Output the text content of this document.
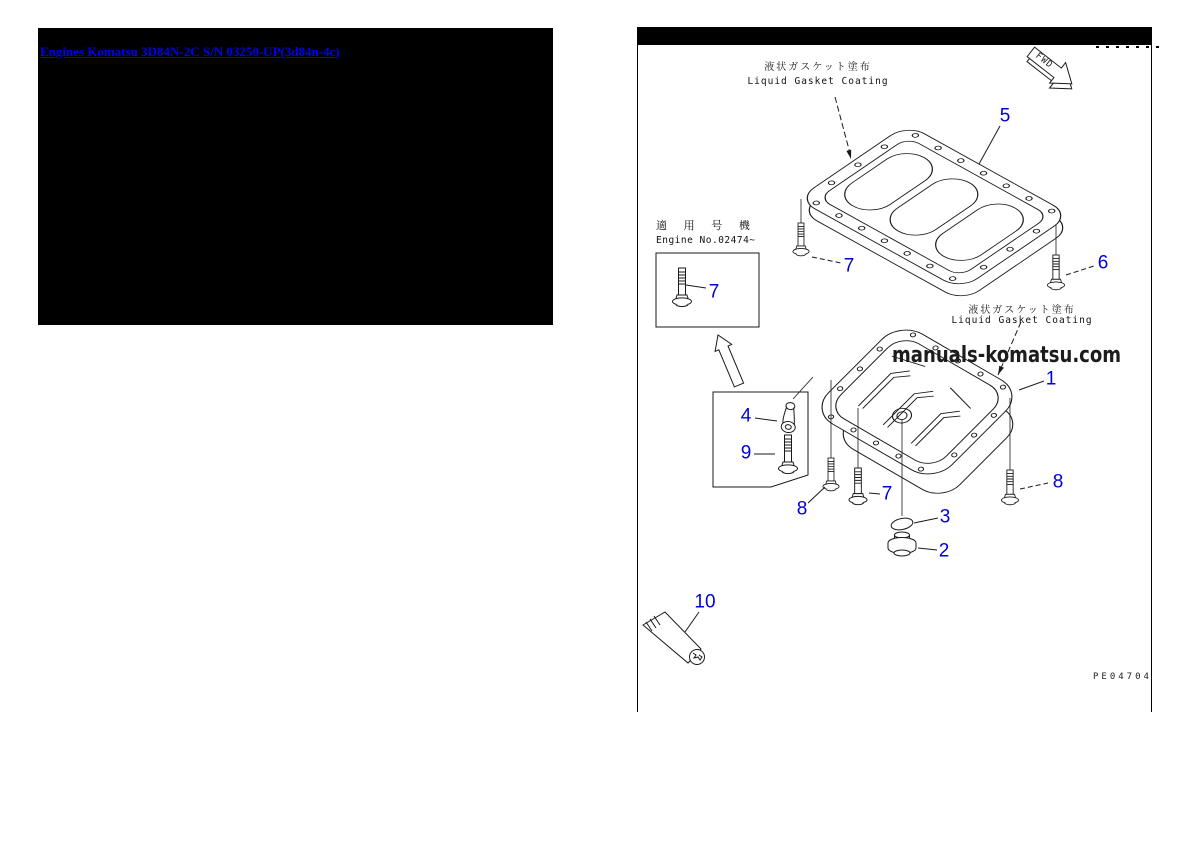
Engines Komatsu 3D84N-2C S/N 03250-UP(3d84n-4c)
液状ガスケット塗布
Liquid Gasket Coating
液状ガスケット塗布
Liquid Gasket Coating
適 用 号 機
Engine No.02474~
manuals-komatsu.com
FWD
PE04704
5
6
7
7
1
4
9
8
7
3
2
8
10
